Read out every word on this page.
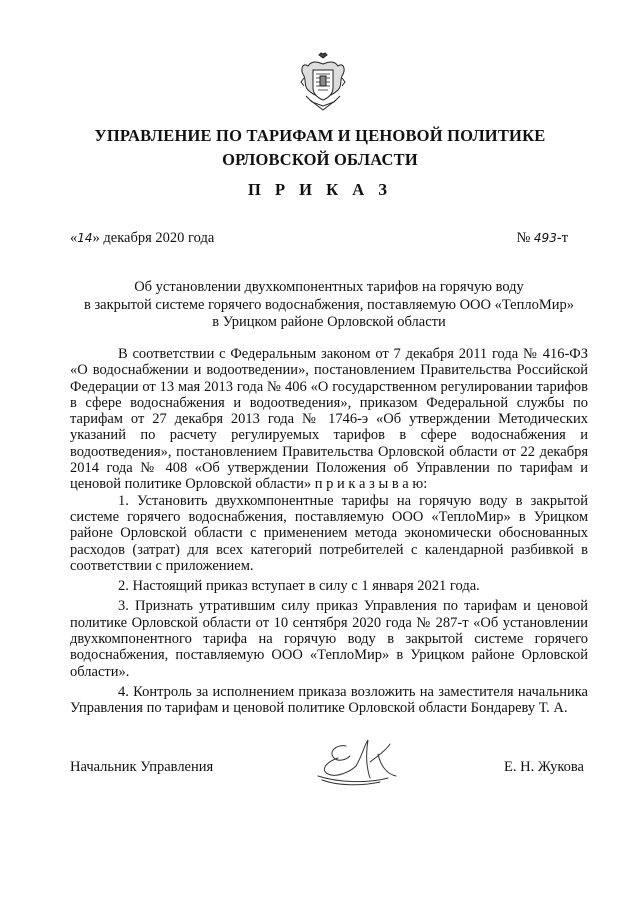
УПРАВЛЕНИЕ ПО ТАРИФАМ И ЦЕНОВОЙ ПОЛИТИКЕ
ОРЛОВСКОЙ ОБЛАСТИ
П Р И К А З
«14» декабря 2020 года	№ 493-т
Об установлении двухкомпонентных тарифов на горячую воду
в закрытой системе горячего водоснабжения, поставляемую ООО «ТеплоМир»
в Урицком районе Орловской области

В соответствии с Федеральным законом от 7 декабря 2011 года № 416-ФЗ «О водоснабжении и водоотведении», постановлением Правительства Российской Федерации от 13 мая 2013 года № 406 «О государственном регулировании тарифов в сфере водоснабжения и водоотведения», приказом Федеральной службы по тарифам от 27 декабря 2013 года № 1746-э «Об утверждении Методических указаний по расчету регулируемых тарифов в сфере водоснабжения и водоотведения», постановлением Правительства Орловской области от 22 декабря 2014 года № 408 «Об утверждении Положения об Управлении по тарифам и ценовой политике Орловской области» п р и к а з ы в а ю:

1. Установить двухкомпонентные тарифы на горячую воду в закрытой системе горячего водоснабжения, поставляемую ООО «ТеплоМир» в Урицком районе Орловской области с применением метода экономически обоснованных расходов (затрат) для всех категорий потребителей с календарной разбивкой в соответствии с приложением.

2. Настоящий приказ вступает в силу с 1 января 2021 года.

3. Признать утратившим силу приказ Управления по тарифам и ценовой политике Орловской области от 10 сентября 2020 года № 287-т «Об установлении двухкомпонентного тарифа на горячую воду в закрытой системе горячего водоснабжения, поставляемую ООО «ТеплоМир» в Урицком районе Орловской области».

4. Контроль за исполнением приказа возложить на заместителя начальника Управления по тарифам и ценовой политике Орловской области Бондареву Т. А.

Начальник Управления	Е. Н. Жукова
